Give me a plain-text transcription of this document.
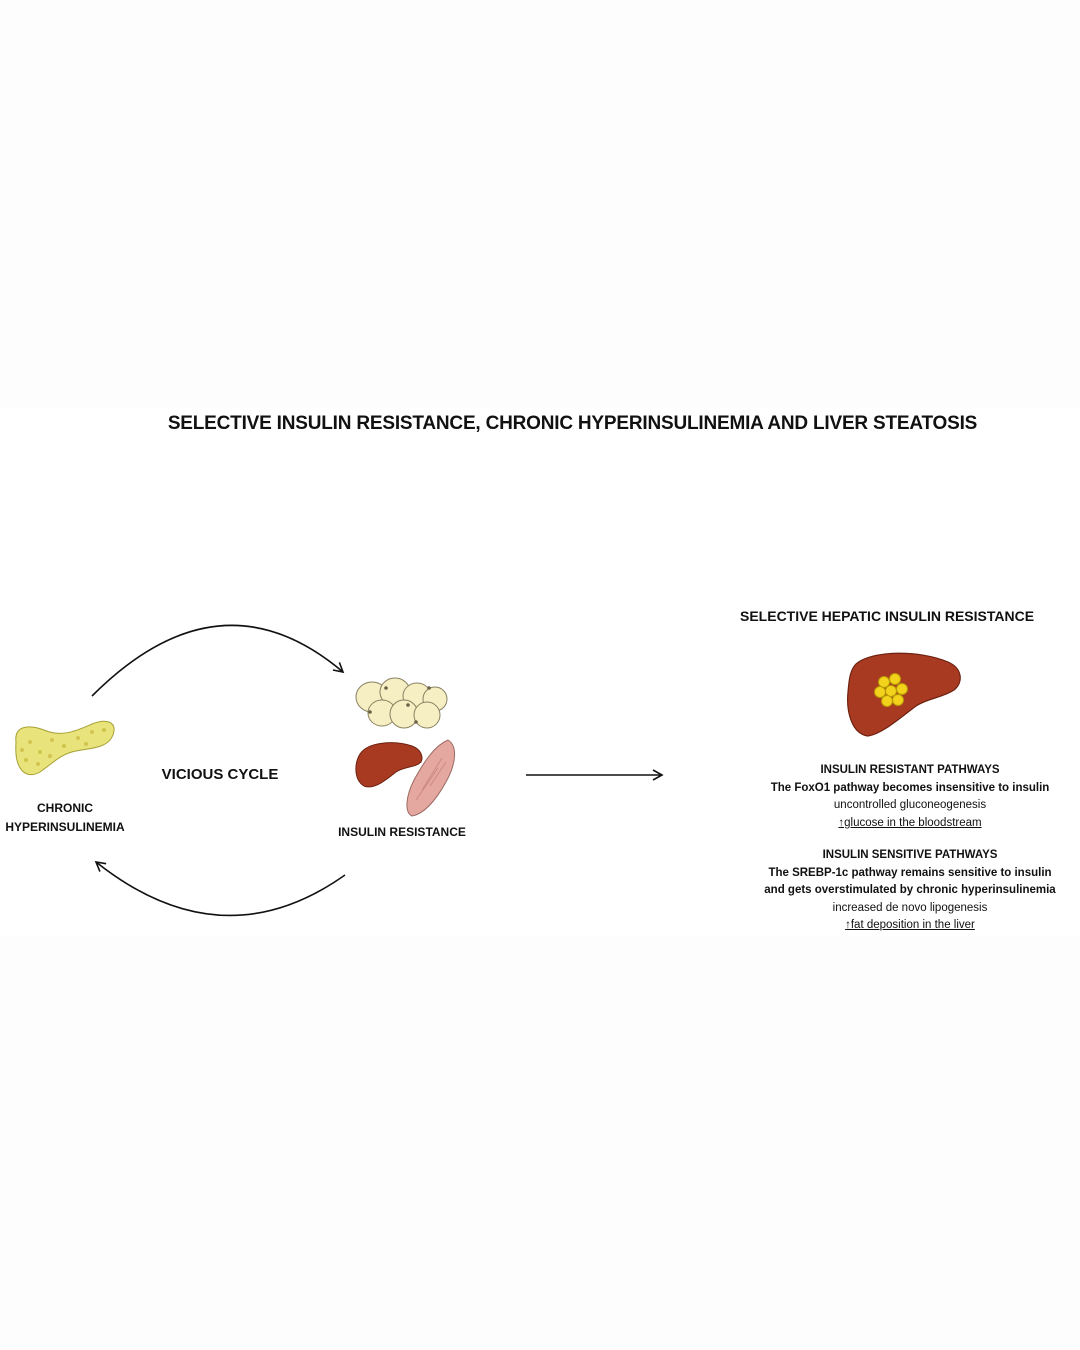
SELECTIVE INSULIN RESISTANCE, CHRONIC HYPERINSULINEMIA AND LIVER STEATOSIS
VICIOUS CYCLE
CHRONIC
HYPERINSULINEMIA	INSULIN RESISTANCE
SELECTIVE HEPATIC INSULIN RESISTANCE
INSULIN RESISTANT PATHWAYS
The FoxO1 pathway becomes insensitive to insulin
uncontrolled gluconeogenesis
↑glucose in the bloodstream
INSULIN SENSITIVE PATHWAYS
The SREBP-1c pathway remains sensitive to insulin
and gets overstimulated by chronic hyperinsulinemia
increased de novo lipogenesis
↑fat deposition in the liver
